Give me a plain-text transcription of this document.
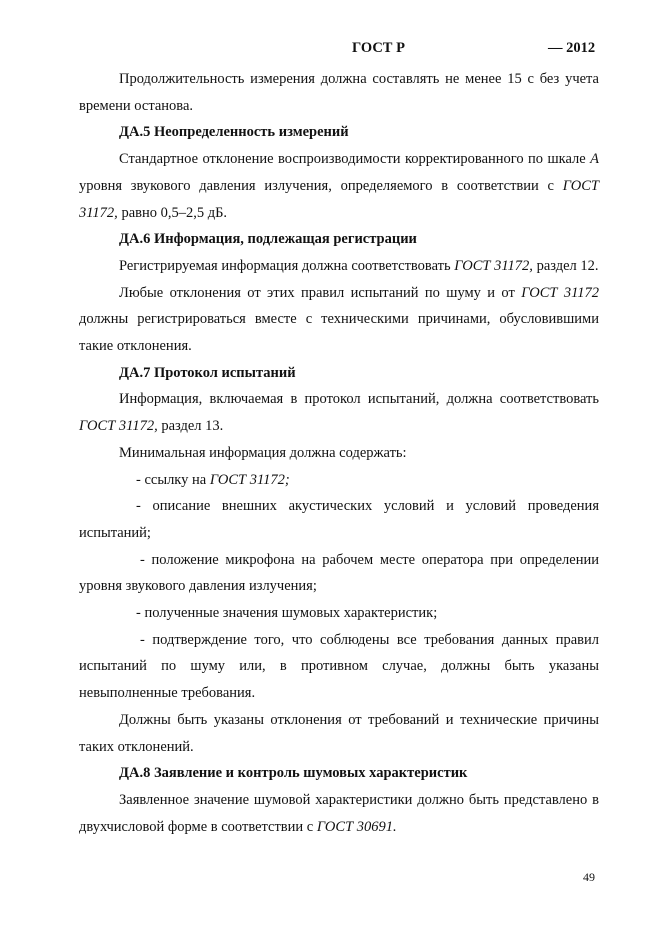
ГОСТ Р	— 2012

Продолжительность измерения должна составлять не менее 15 с без учета времени останова.

ДА.5 Неопределенность измерений

Стандартное отклонение воспроизводимости корректированного по шкале А уровня звукового давления излучения, определяемого в соответствии с ГОСТ 31172, равно 0,5–2,5 дБ.

ДА.6 Информация, подлежащая регистрации

Регистрируемая информация должна соответствовать ГОСТ 31172, раздел 12.

Любые отклонения от этих правил испытаний по шуму и от ГОСТ 31172 должны регистрироваться вместе с техническими причинами, обусловившими такие отклонения.

ДА.7 Протокол испытаний

Информация, включаемая в протокол испытаний, должна соответствовать ГОСТ 31172, раздел 13.

Минимальная информация должна содержать:

- ссылку на ГОСТ 31172;

- описание внешних акустических условий и условий проведения испытаний;

- положение микрофона на рабочем месте оператора при определении уровня звукового давления излучения;

- полученные значения шумовых характеристик;

- подтверждение того, что соблюдены все требования данных правил испытаний по шуму или, в противном случае, должны быть указаны невыполненные требования.

Должны быть указаны отклонения от требований и технические причины таких отклонений.

ДА.8 Заявление и контроль шумовых характеристик

Заявленное значение шумовой характеристики должно быть представлено в двухчисловой форме в соответствии с ГОСТ 30691.

49
